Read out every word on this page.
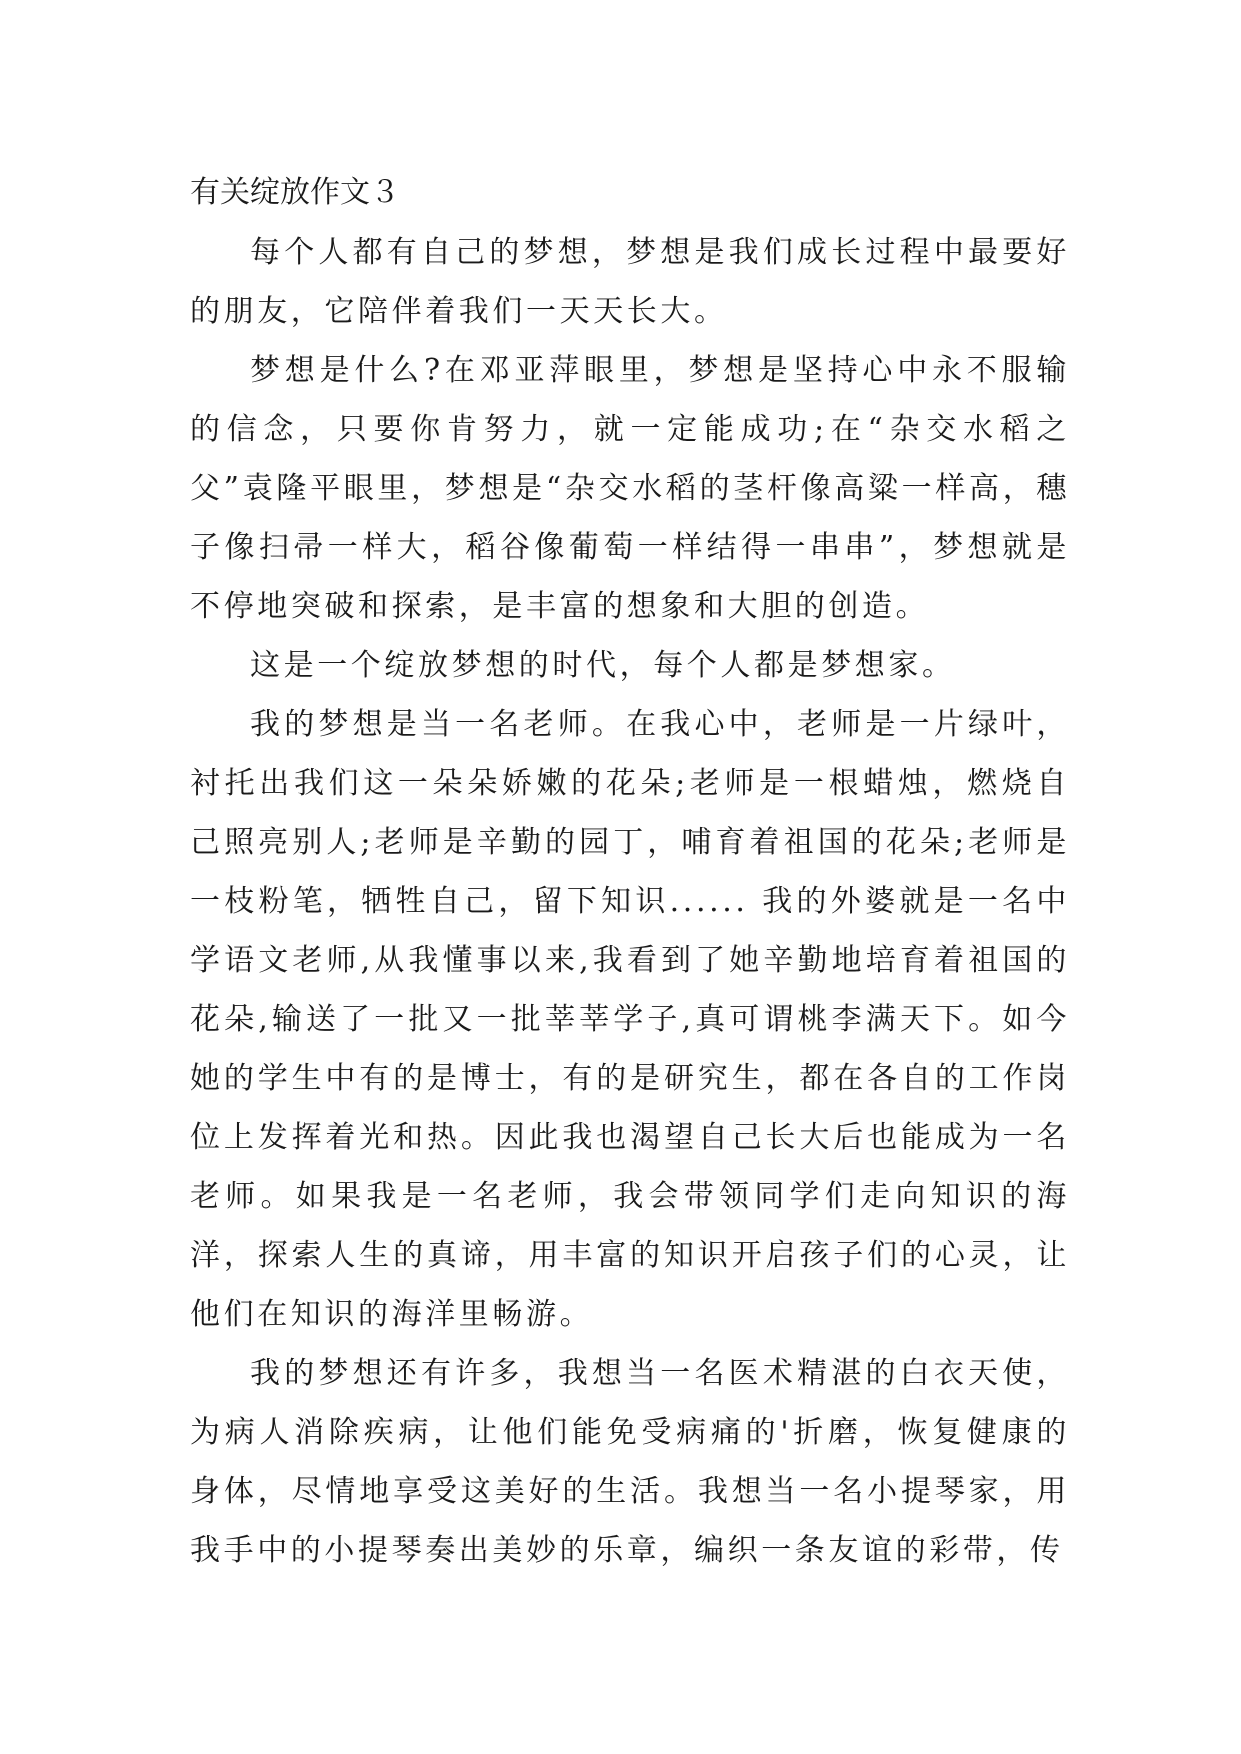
有关绽放作文３

每个人都有自己的梦想，梦想是我们成长过程中最要好的朋友，它陪伴着我们一天天长大。

梦想是什么?在邓亚萍眼里，梦想是坚持心中永不服输的信念，只要你肯努力，就一定能成功;在“杂交水稻之父”袁隆平眼里，梦想是“杂交水稻的茎杆像高粱一样高，穗子像扫帚一样大，稻谷像葡萄一样结得一串串”，梦想就是不停地突破和探索，是丰富的想象和大胆的创造。

这是一个绽放梦想的时代，每个人都是梦想家。

我的梦想是当一名老师。在我心中，老师是一片绿叶，衬托出我们这一朵朵娇嫩的花朵;老师是一根蜡烛，燃烧自己照亮别人;老师是辛勤的园丁，哺育着祖国的花朵;老师是一枝粉笔，牺牲自己，留下知识...... 我的外婆就是一名中学语文老师,从我懂事以来,我看到了她辛勤地培育着祖国的花朵,输送了一批又一批莘莘学子,真可谓桃李满天下。如今她的学生中有的是博士，有的是研究生，都在各自的工作岗位上发挥着光和热。因此我也渴望自己长大后也能成为一名老师。如果我是一名老师，我会带领同学们走向知识的海洋，探索人生的真谛，用丰富的知识开启孩子们的心灵，让他们在知识的海洋里畅游。

我的梦想还有许多，我想当一名医术精湛的白衣天使，为病人消除疾病，让他们能免受病痛的'折磨，恢复健康的身体，尽情地享受这美好的生活。我想当一名小提琴家，用我手中的小提琴奏出美妙的乐章，编织一条友谊的彩带，传
